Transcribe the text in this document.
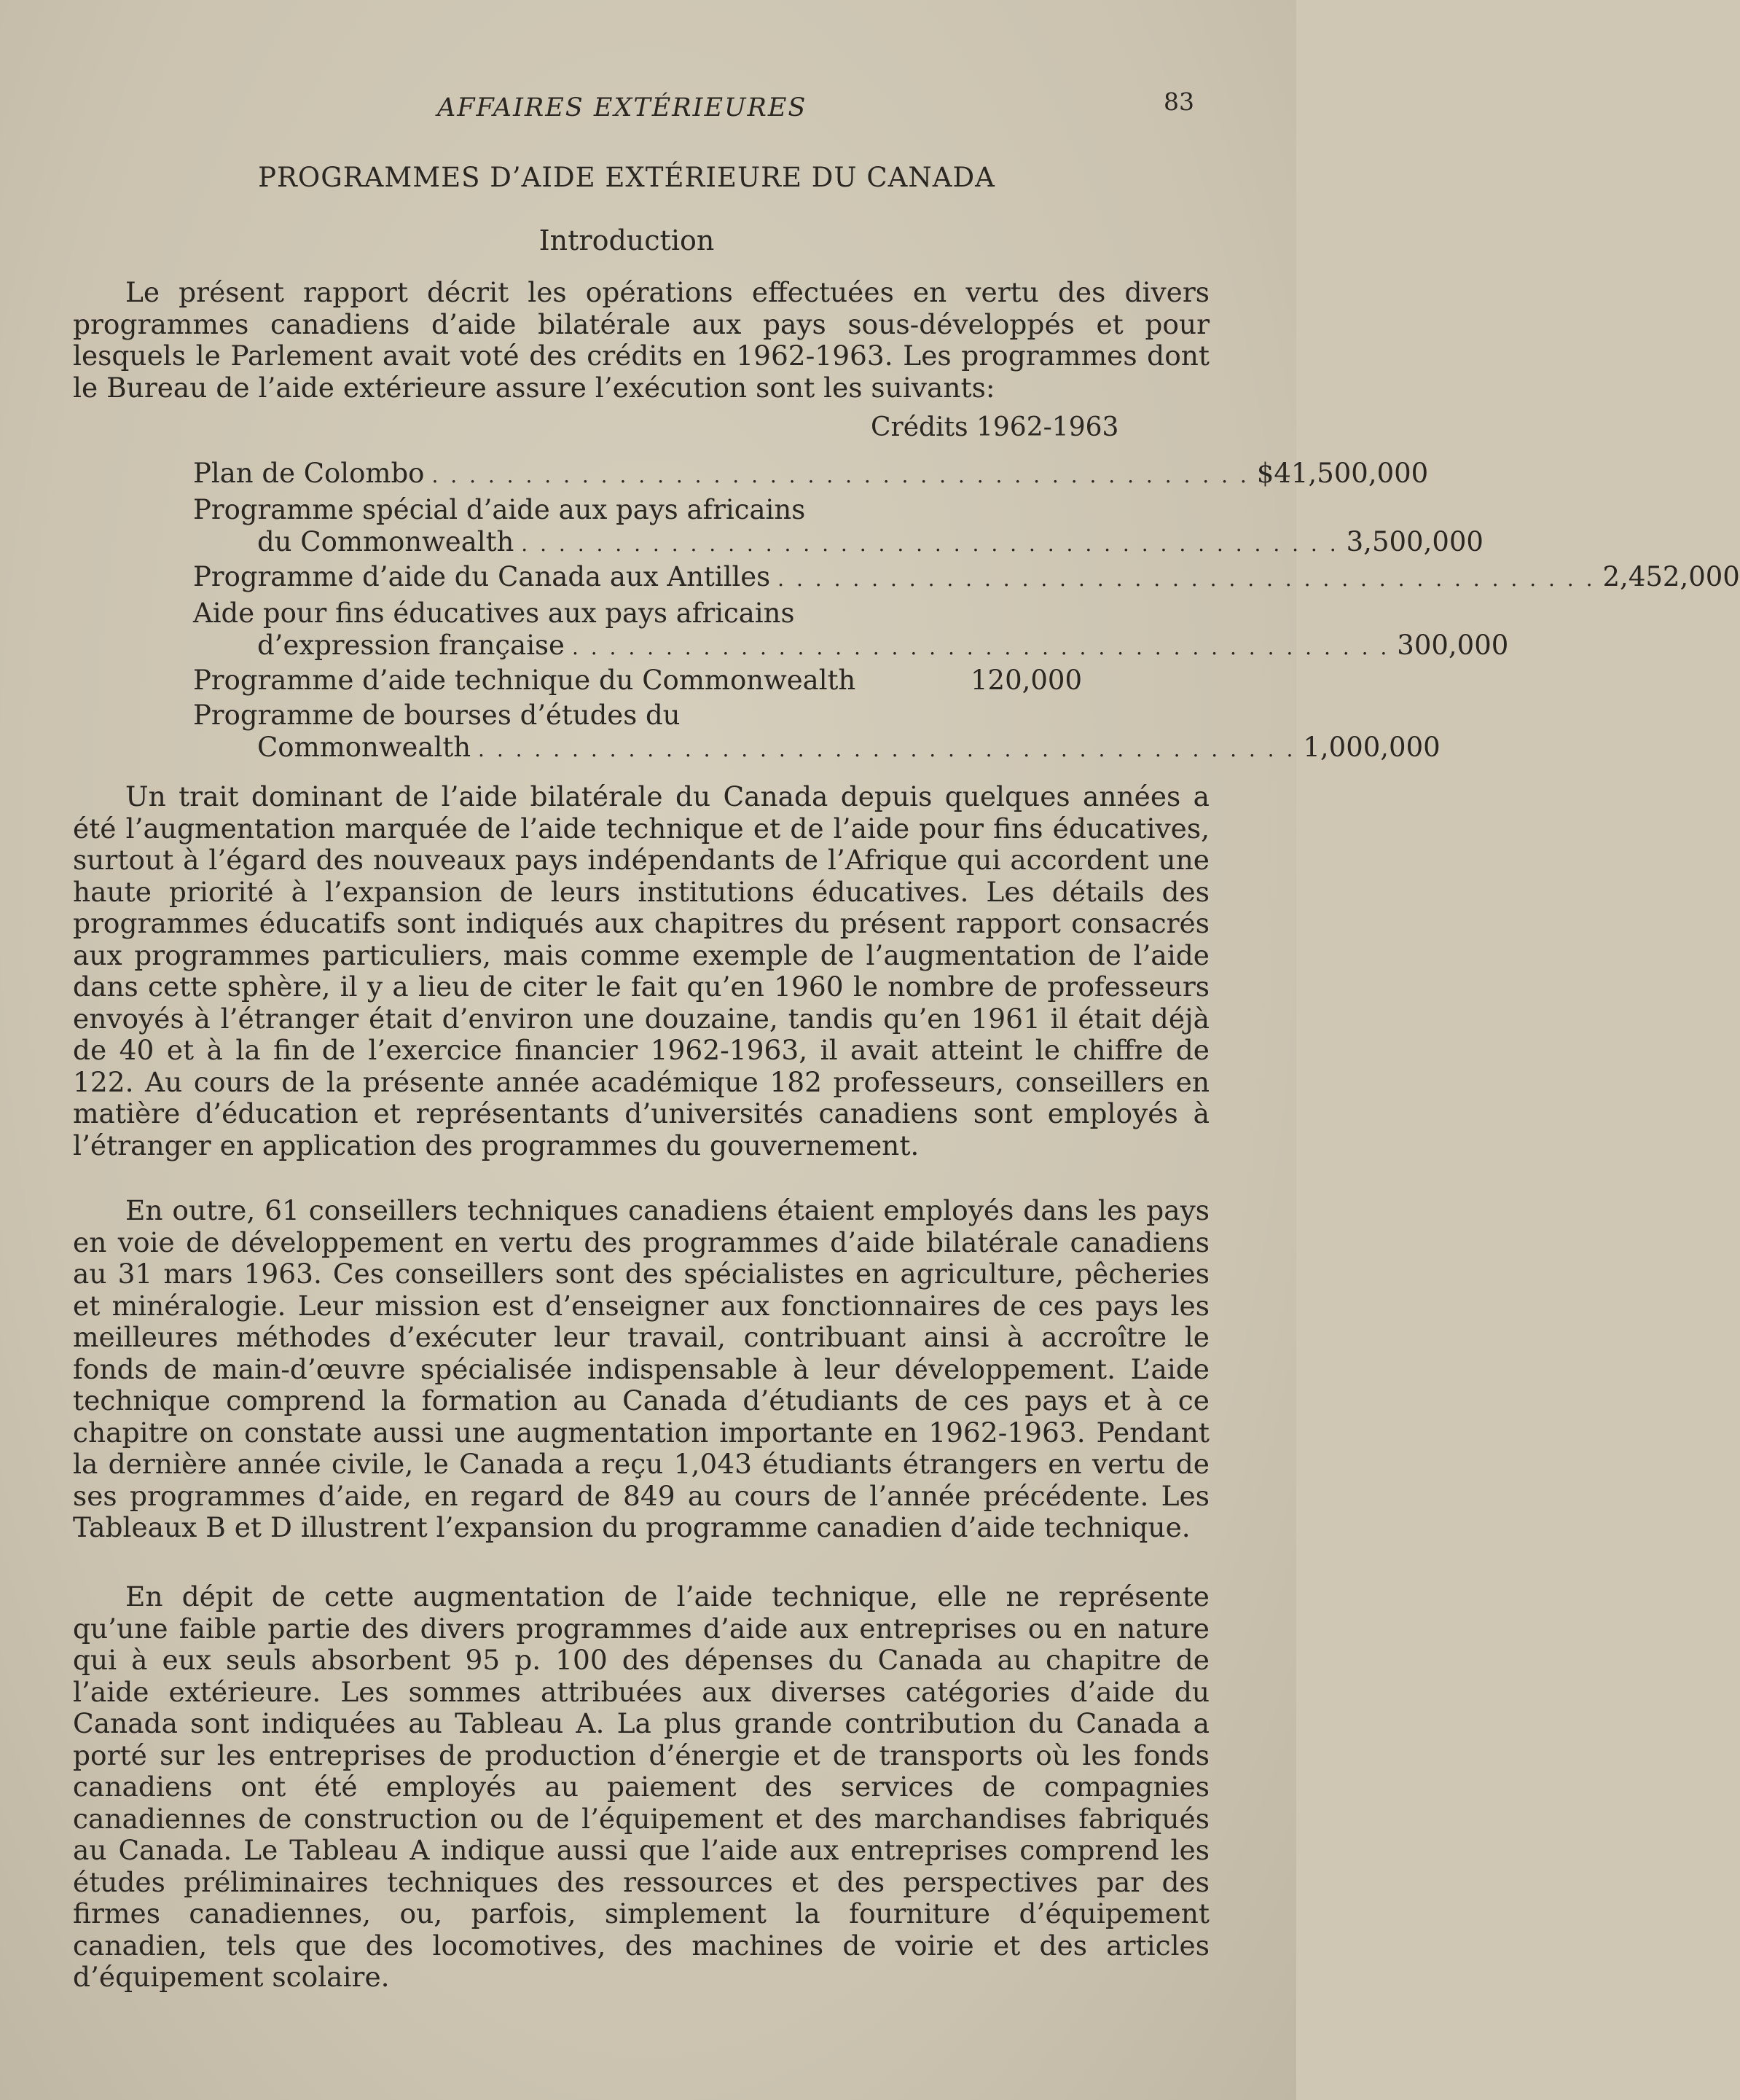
AFFAIRES EXTÉRIEURES	83
PROGRAMMES D’AIDE EXTÉRIEURE DU CANADA
Introduction

Le présent rapport décrit les opérations effectuées en vertu des divers programmes canadiens d’aide bilatérale aux pays sous-développés et pour lesquels le Parlement avait voté des crédits en 1962-1963. Les programmes dont le Bureau de l’aide extérieure assure l’exécution sont les suivants:

Crédits 1962-1963
Plan de Colombo . . . . . . . . . . . . . . . . . . . . . . . . . . . . . . . . . . . . . . . . . . . . $41,500,000
Programme spécial d’aide aux pays africains
du Commonwealth . . . . . . . . . . . . . . . . . . . . . . . . . . . . . . . . . . . . . . . . . . . . 3,500,000
Programme d’aide du Canada aux Antilles . . . . . . . . . . . . . . . . . . . . . . . . . . . . . . . . . . . . . . . . . . . . 2,452,000
Aide pour fins éducatives aux pays africains
d’expression française . . . . . . . . . . . . . . . . . . . . . . . . . . . . . . . . . . . . . . . . . . . . 300,000
Programme d’aide technique du Commonwealth	120,000
Programme de bourses d’études du
Commonwealth . . . . . . . . . . . . . . . . . . . . . . . . . . . . . . . . . . . . . . . . . . . . 1,000,000

Un trait dominant de l’aide bilatérale du Canada depuis quelques années a été l’augmentation marquée de l’aide technique et de l’aide pour fins éducatives, surtout à l’égard des nouveaux pays indépendants de l’Afrique qui accordent une haute priorité à l’expansion de leurs institutions éducatives. Les détails des programmes éducatifs sont indiqués aux chapitres du présent rapport consacrés aux programmes particuliers, mais comme exemple de l’augmentation de l’aide dans cette sphère, il y a lieu de citer le fait qu’en 1960 le nombre de professeurs envoyés à l’étranger était d’environ une douzaine, tandis qu’en 1961 il était déjà de 40 et à la fin de l’exercice financier 1962-1963, il avait atteint le chiffre de 122. Au cours de la présente année académique 182 professeurs, conseillers en matière d’éducation et représentants d’universités canadiens sont employés à l’étranger en application des programmes du gouvernement.

En outre, 61 conseillers techniques canadiens étaient employés dans les pays en voie de développement en vertu des programmes d’aide bilatérale canadiens au 31 mars 1963. Ces conseillers sont des spécialistes en agriculture, pêcheries et minéralogie. Leur mission est d’enseigner aux fonctionnaires de ces pays les meilleures méthodes d’exécuter leur travail, contribuant ainsi à accroître le fonds de main-d’œuvre spécialisée indispensable à leur développement. L’aide technique comprend la formation au Canada d’étudiants de ces pays et à ce chapitre on constate aussi une augmentation importante en 1962-1963. Pendant la dernière année civile, le Canada a reçu 1,043 étudiants étrangers en vertu de ses programmes d’aide, en regard de 849 au cours de l’année précédente. Les Tableaux B et D illustrent l’expansion du programme canadien d’aide technique.

En dépit de cette augmentation de l’aide technique, elle ne représente qu’une faible partie des divers programmes d’aide aux entreprises ou en nature qui à eux seuls absorbent 95 p. 100 des dépenses du Canada au chapitre de l’aide extérieure. Les sommes attribuées aux diverses catégories d’aide du Canada sont indiquées au Tableau A. La plus grande contribution du Canada a porté sur les entreprises de production d’énergie et de transports où les fonds canadiens ont été employés au paiement des services de compagnies canadiennes de construction ou de l’équipement et des marchandises fabriqués au Canada. Le Tableau A indique aussi que l’aide aux entreprises comprend les études préliminaires techniques des ressources et des perspectives par des firmes canadiennes, ou, parfois, simplement la fourniture d’équipement canadien, tels que des locomotives, des machines de voirie et des articles d’équipement scolaire.
